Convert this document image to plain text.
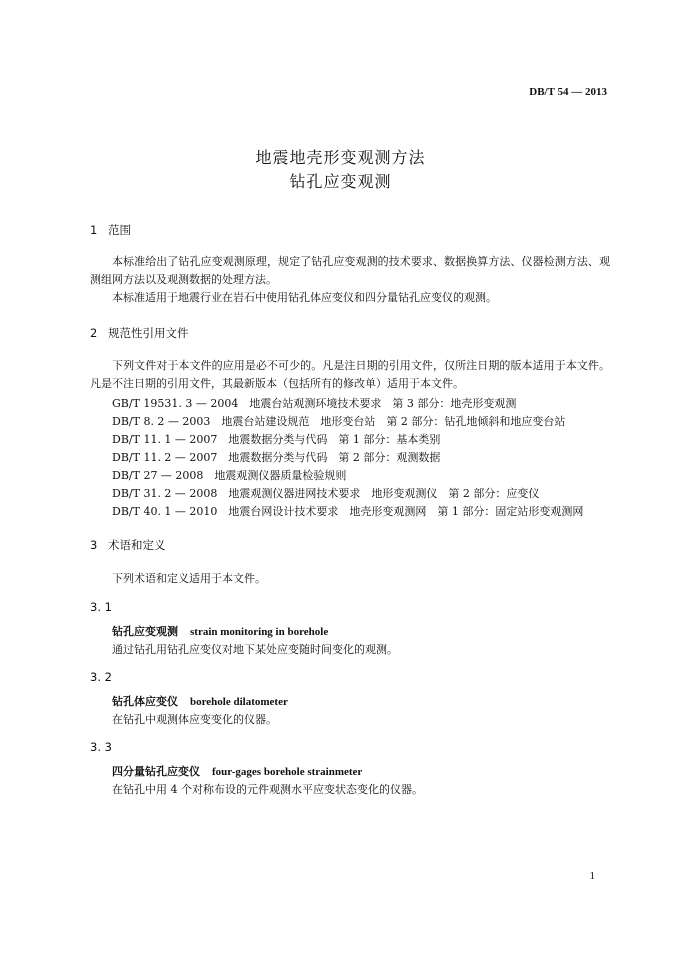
DB/T 54 — 2013
地震地壳形变观测方法
钻孔应变观测
1 范围

本标准给出了钻孔应变观测原理，规定了钻孔应变观测的技术要求、数据换算方法、仪器检测方法、观测组网方法以及观测数据的处理方法。

本标准适用于地震行业在岩石中使用钻孔体应变仪和四分量钻孔应变仪的观测。

2 规范性引用文件

下列文件对于本文件的应用是必不可少的。凡是注日期的引用文件，仅所注日期的版本适用于本文件。凡是不注日期的引用文件，其最新版本（包括所有的修改单）适用于本文件。

GB/T 19531. 3 — 2004　地震台站观测环境技术要求　第 3 部分：地壳形变观测
DB/T 8. 2 — 2003　地震台站建设规范　地形变台站　第 2 部分：钻孔地倾斜和地应变台站
DB/T 11. 1 — 2007　地震数据分类与代码　第 1 部分：基本类别
DB/T 11. 2 — 2007　地震数据分类与代码　第 2 部分：观测数据
DB/T 27 — 2008　地震观测仪器质量检验规则
DB/T 31. 2 — 2008　地震观测仪器进网技术要求　地形变观测仪　第 2 部分：应变仪
DB/T 40. 1 — 2010　地震台网设计技术要求　地壳形变观测网　第 1 部分：固定站形变观测网
3 术语和定义
下列术语和定义适用于本文件。
3. 1
钻孔应变观测 strain monitoring in borehole
通过钻孔用钻孔应变仪对地下某处应变随时间变化的观测。
3. 2
钻孔体应变仪 borehole dilatometer
在钻孔中观测体应变变化的仪器。
3. 3
四分量钻孔应变仪 four-gages borehole strainmeter
在钻孔中用 4 个对称布设的元件观测水平应变状态变化的仪器。
1
